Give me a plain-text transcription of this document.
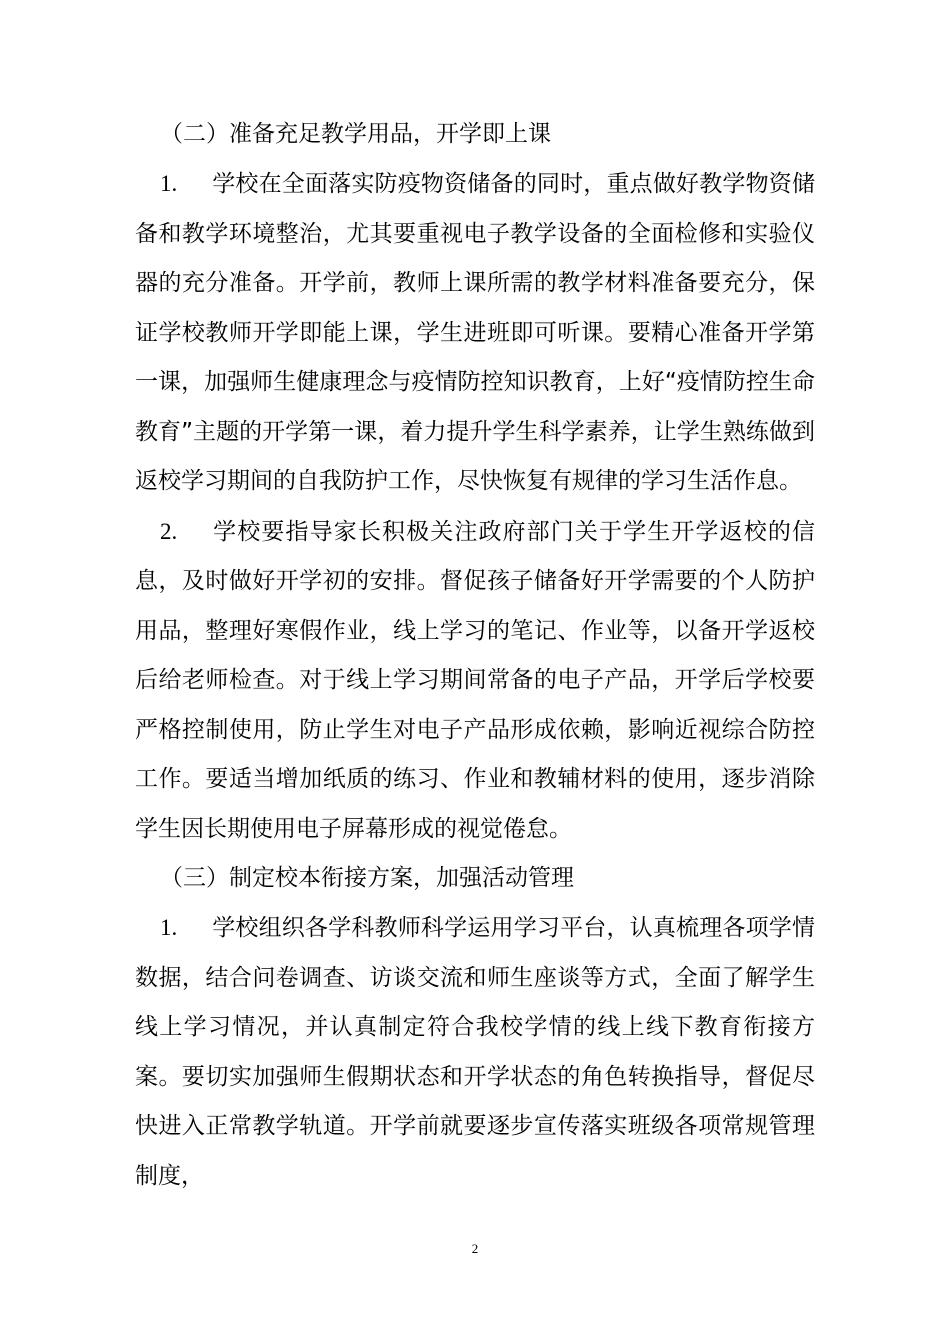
（二）准备充足教学用品，开学即上课

1. 学校在全面落实防疫物资储备的同时，重点做好教学物资储备和教学环境整治，尤其要重视电子教学设备的全面检修和实验仪器的充分准备。开学前，教师上课所需的教学材料准备要充分，保证学校教师开学即能上课，学生进班即可听课。要精心准备开学第一课，加强师生健康理念与疫情防控知识教育，上好“疫情防控生命教育”主题的开学第一课，着力提升学生科学素养，让学生熟练做到返校学习期间的自我防护工作，尽快恢复有规律的学习生活作息。

2. 学校要指导家长积极关注政府部门关于学生开学返校的信息，及时做好开学初的安排。督促孩子储备好开学需要的个人防护用品，整理好寒假作业，线上学习的笔记、作业等，以备开学返校后给老师检查。对于线上学习期间常备的电子产品，开学后学校要严格控制使用，防止学生对电子产品形成依赖，影响近视综合防控工作。要适当增加纸质的练习、作业和教辅材料的使用，逐步消除学生因长期使用电子屏幕形成的视觉倦怠。

（三）制定校本衔接方案，加强活动管理

1. 学校组织各学科教师科学运用学习平台，认真梳理各项学情数据，结合问卷调查、访谈交流和师生座谈等方式，全面了解学生线上学习情况，并认真制定符合我校学情的线上线下教育衔接方案。要切实加强师生假期状态和开学状态的角色转换指导，督促尽快进入正常教学轨道。开学前就要逐步宣传落实班级各项常规管理制度，

2
